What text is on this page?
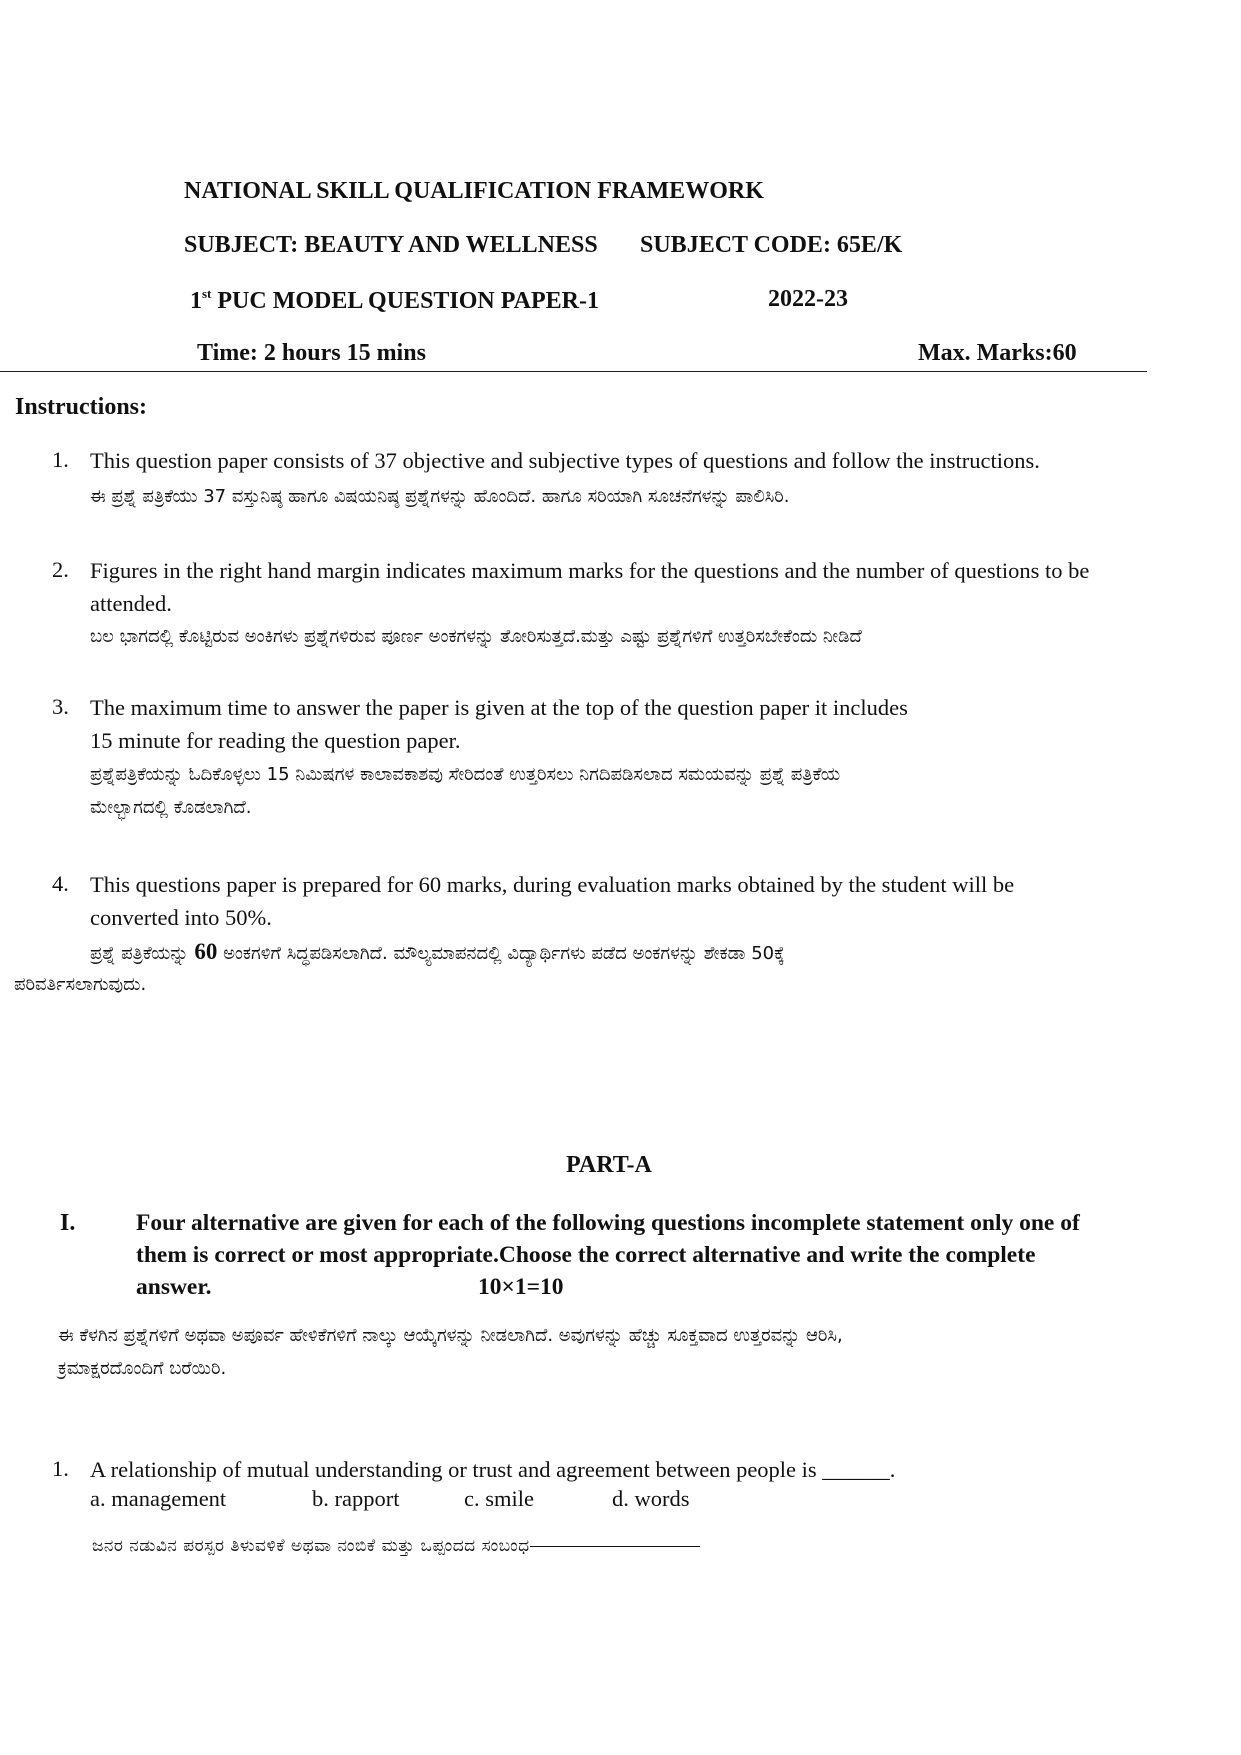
NATIONAL SKILL QUALIFICATION FRAMEWORK
SUBJECT: BEAUTY AND WELLNESS SUBJECT CODE: 65E/K
1st PUC MODEL QUESTION PAPER-1	2022-23
Time: 2 hours 15 mins	Max. Marks:60
Instructions:
1. This question paper consists of 37 objective and subjective types of questions and follow the instructions.
ಈ ಪ್ರಶ್ನೆ ಪತ್ರಿಕೆಯು 37 ವಸ್ತುನಿಷ್ಠ ಹಾಗೂ ವಿಷಯನಿಷ್ಠ ಪ್ರಶ್ನೆಗಳನ್ನು ಹೊಂದಿದೆ. ಹಾಗೂ ಸರಿಯಾಗಿ ಸೂಚನೆಗಳನ್ನು ಪಾಲಿಸಿರಿ.
2. Figures in the right hand margin indicates maximum marks for the questions and the number of questions to be
attended.
ಬಲ ಭಾಗದಲ್ಲಿ ಕೊಟ್ಟಿರುವ ಅಂಕಿಗಳು ಪ್ರಶ್ನೆಗಳಿರುವ ಪೂರ್ಣ ಅಂಕಗಳನ್ನು ತೋರಿಸುತ್ತದೆ.ಮತ್ತು ಎಷ್ಟು ಪ್ರಶ್ನೆಗಳಿಗೆ ಉತ್ತರಿಸಬೇಕೆಂದು ನೀಡಿದೆ
3. The maximum time to answer the paper is given at the top of the question paper it includes
15 minute for reading the question paper.
ಪ್ರಶ್ನೆಪತ್ರಿಕೆಯನ್ನು ಓದಿಕೊಳ್ಳಲು 15 ನಿಮಿಷಗಳ ಕಾಲಾವಕಾಶವು ಸೇರಿದಂತೆ ಉತ್ತರಿಸಲು ನಿಗದಿಪಡಿಸಲಾದ ಸಮಯವನ್ನು ಪ್ರಶ್ನೆ ಪತ್ರಿಕೆಯ
ಮೇಲ್ಭಾಗದಲ್ಲಿ ಕೊಡಲಾಗಿದೆ.
4. This questions paper is prepared for 60 marks, during evaluation marks obtained by the student will be
converted into 50%.
ಪ್ರಶ್ನೆ ಪತ್ರಿಕೆಯನ್ನು 60 ಅಂಕಗಳಿಗೆ ಸಿದ್ಧಪಡಿಸಲಾಗಿದೆ. ಮೌಲ್ಯಮಾಪನದಲ್ಲಿ ವಿದ್ಯಾರ್ಥಿಗಳು ಪಡೆದ ಅಂಕಗಳನ್ನು ಶೇಕಡಾ 50ಕ್ಕೆ
ಪರಿವರ್ತಿಸಲಾಗುವುದು.
PART-A
I.	Four alternative are given for each of the following questions incomplete statement only one of
them is correct or most appropriate.Choose the correct alternative and write the complete
answer.	10×1=10
ಈ ಕೆಳಗಿನ ಪ್ರಶ್ನೆಗಳಿಗೆ ಅಥವಾ ಅಪೂರ್ವ ಹೇಳಿಕೆಗಳಿಗೆ ನಾಲ್ಕು ಆಯ್ಕೆಗಳನ್ನು ನೀಡಲಾಗಿದೆ. ಅವುಗಳನ್ನು ಹೆಚ್ಚು ಸೂಕ್ತವಾದ ಉತ್ತರವನ್ನು ಆರಿಸಿ,
ಕ್ರಮಾಕ್ಷರದೊಂದಿಗೆ ಬರೆಯಿರಿ.
1. A relationship of mutual understanding or trust and agreement between people is ______.
a. management	b. rapport	c. smile	d. words
ಜನರ ನಡುವಿನ ಪರಸ್ಪರ ತಿಳುವಳಿಕೆ ಅಥವಾ ನಂಬಿಕೆ ಮತ್ತು ಒಪ್ಪಂದದ ಸಂಬಂಧ
